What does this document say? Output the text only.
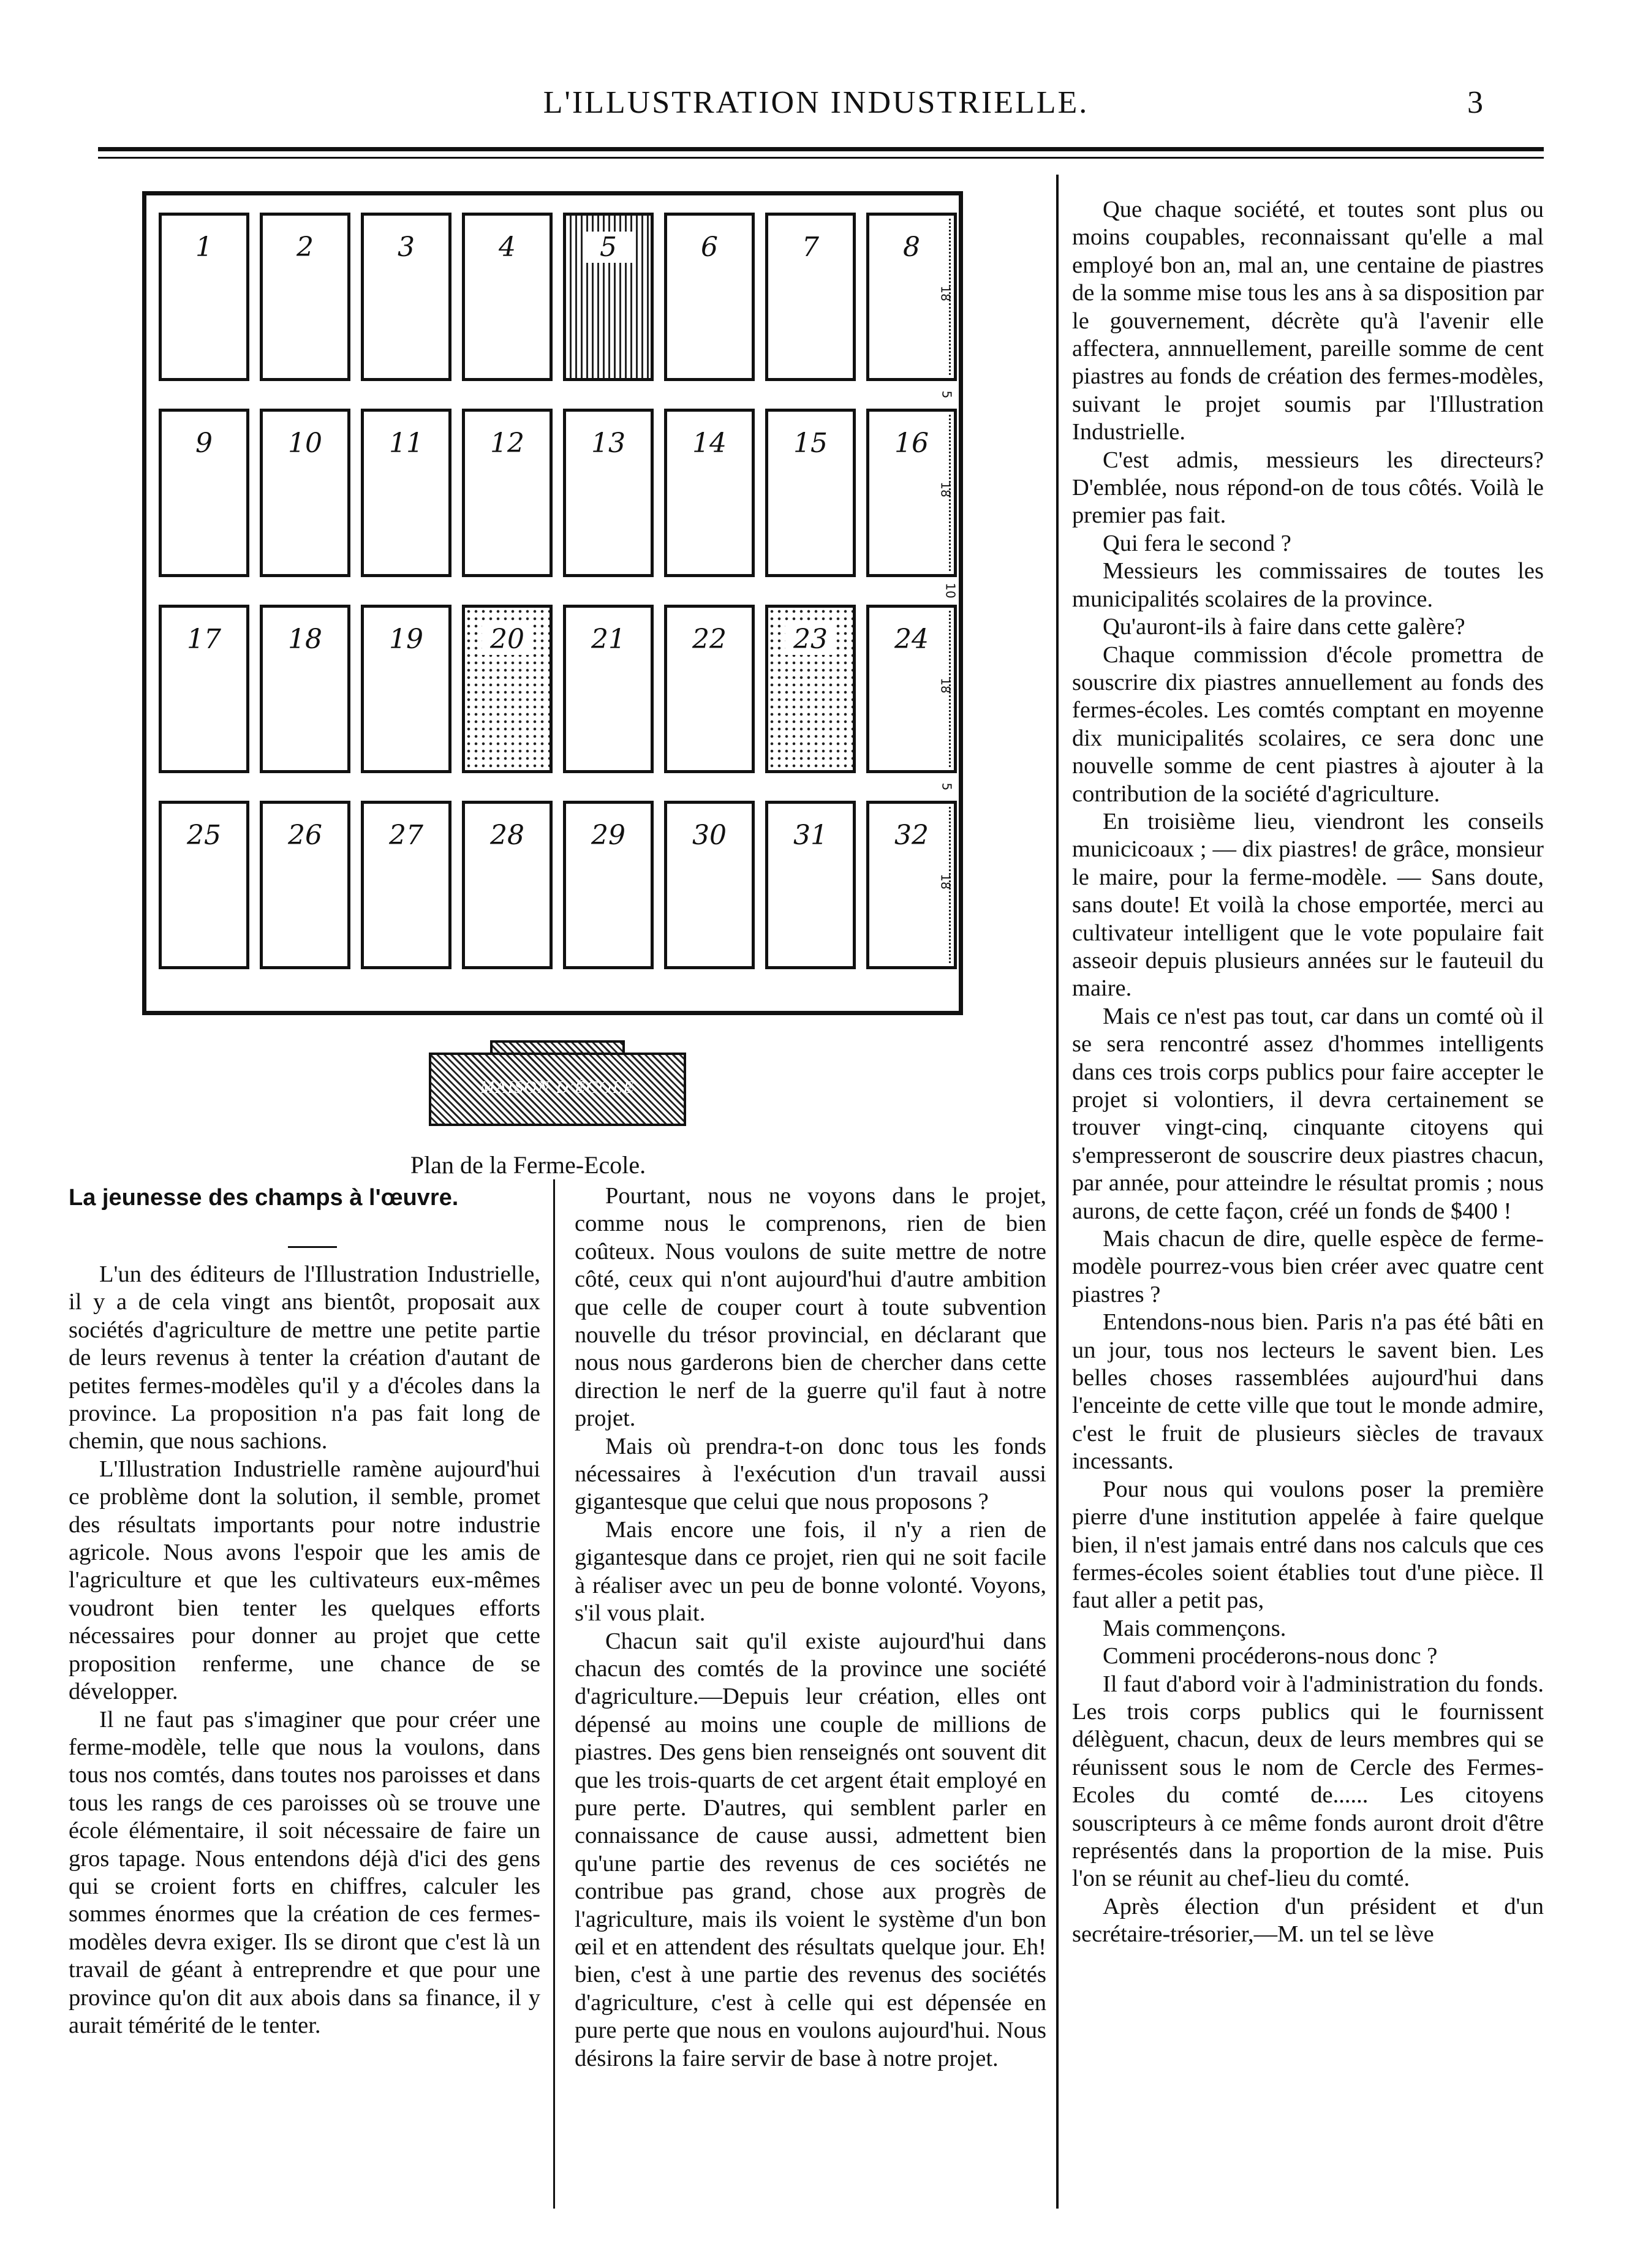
L'ILLUSTRATION INDUSTRIELLE.	3
1	2	3	4	5	6	7	8
9	10	11	12	13	14	15	16
17	18	19	20	21	22	23	24
25	26	27	28	29	30	31	32
18
5
18
10
18
5
18
MAISON D'ÉCOLE
Plan de la Ferme-Ecole.
La jeunesse des champs à l'œuvre.

L'un des éditeurs de l'Illustration Industrielle, il y a de cela vingt ans bientôt, proposait aux sociétés d'agriculture de mettre une petite partie de leurs revenus à tenter la création d'autant de petites fermes-modèles qu'il y a d'écoles dans la province. La proposition n'a pas fait long de chemin, que nous sachions.

L'Illustration Industrielle ramène aujourd'hui ce problème dont la solution, il semble, promet des résultats importants pour notre industrie agricole. Nous avons l'espoir que les amis de l'agriculture et que les cultivateurs eux-mêmes voudront bien tenter les quelques efforts nécessaires pour donner au projet que cette proposition renferme, une chance de se développer.

Il ne faut pas s'imaginer que pour créer une ferme-modèle, telle que nous la voulons, dans tous nos comtés, dans toutes nos paroisses et dans tous les rangs de ces paroisses où se trouve une école élémentaire, il soit nécessaire de faire un gros tapage. Nous entendons déjà d'ici des gens qui se croient forts en chiffres, calculer les sommes énormes que la création de ces fermes-modèles devra exiger. Ils se diront que c'est là un travail de géant à entreprendre et que pour une province qu'on dit aux abois dans sa finance, il y aurait témérité de le tenter.

Pourtant, nous ne voyons dans le projet, comme nous le comprenons, rien de bien coûteux. Nous voulons de suite mettre de notre côté, ceux qui n'ont aujourd'hui d'autre ambition que celle de couper court à toute subvention nouvelle du trésor provincial, en déclarant que nous nous garderons bien de chercher dans cette direction le nerf de la guerre qu'il faut à notre projet.

Mais où prendra-t-on donc tous les fonds nécessaires à l'exécution d'un travail aussi gigantesque que celui que nous proposons ?

Mais encore une fois, il n'y a rien de gigantesque dans ce projet, rien qui ne soit facile à réaliser avec un peu de bonne volonté. Voyons, s'il vous plait.

Chacun sait qu'il existe aujourd'hui dans chacun des comtés de la province une société d'agriculture.—Depuis leur création, elles ont dépensé au moins une couple de millions de piastres. Des gens bien renseignés ont souvent dit que les trois-quarts de cet argent était employé en pure perte. D'autres, qui semblent parler en connaissance de cause aussi, admettent bien qu'une partie des revenus de ces sociétés ne contribue pas grand, chose aux progrès de l'agriculture, mais ils voient le système d'un bon œil et en attendent des résultats quelque jour. Eh! bien, c'est à une partie des revenus des sociétés d'agriculture, c'est à celle qui est dépensée en pure perte que nous en voulons aujourd'hui. Nous désirons la faire servir de base à notre projet.

Que chaque société, et toutes sont plus ou moins coupables, reconnaissant qu'elle a mal employé bon an, mal an, une centaine de piastres de la somme mise tous les ans à sa disposition par le gouvernement, décrète qu'à l'avenir elle affectera, annnuellement, pareille somme de cent piastres au fonds de création des fermes-modèles, suivant le projet soumis par l'Illustration Industrielle.

C'est admis, messieurs les directeurs? D'emblée, nous répond-on de tous côtés. Voilà le premier pas fait.

Qui fera le second ?

Messieurs les commissaires de toutes les municipalités scolaires de la province.

Qu'auront-ils à faire dans cette galère?

Chaque commission d'école promettra de souscrire dix piastres annuellement au fonds des fermes-écoles. Les comtés comptant en moyenne dix municipalités scolaires, ce sera donc une nouvelle somme de cent piastres à ajouter à la contribution de la société d'agriculture.

En troisième lieu, viendront les conseils municicoaux ; — dix piastres! de grâce, monsieur le maire, pour la ferme-modèle. — Sans doute, sans doute! Et voilà la chose emportée, merci au cultivateur intelligent que le vote populaire fait asseoir depuis plusieurs années sur le fauteuil du maire.

Mais ce n'est pas tout, car dans un comté où il se sera rencontré assez d'hommes intelligents dans ces trois corps publics pour faire accepter le projet si volontiers, il devra certainement se trouver vingt-cinq, cinquante citoyens qui s'empresseront de souscrire deux piastres chacun, par année, pour atteindre le résultat promis ; nous aurons, de cette façon, créé un fonds de $400 !

Mais chacun de dire, quelle espèce de ferme-modèle pourrez-vous bien créer avec quatre cent piastres ?

Entendons-nous bien. Paris n'a pas été bâti en un jour, tous nos lecteurs le savent bien. Les belles choses rassemblées aujourd'hui dans l'enceinte de cette ville que tout le monde admire, c'est le fruit de plusieurs siècles de travaux incessants.

Pour nous qui voulons poser la première pierre d'une institution appelée à faire quelque bien, il n'est jamais entré dans nos calculs que ces fermes-écoles soient établies tout d'une pièce. Il faut aller a petit pas,

Mais commençons.

Commeni procéderons-nous donc ?

Il faut d'abord voir à l'administration du fonds. Les trois corps publics qui le fournissent délèguent, chacun, deux de leurs membres qui se réunissent sous le nom de Cercle des Fermes-Ecoles du comté de...... Les citoyens souscripteurs à ce même fonds auront droit d'être représentés dans la proportion de la mise. Puis l'on se réunit au chef-lieu du comté.

Après élection d'un président et d'un secrétaire-trésorier,—M. un tel se lève
